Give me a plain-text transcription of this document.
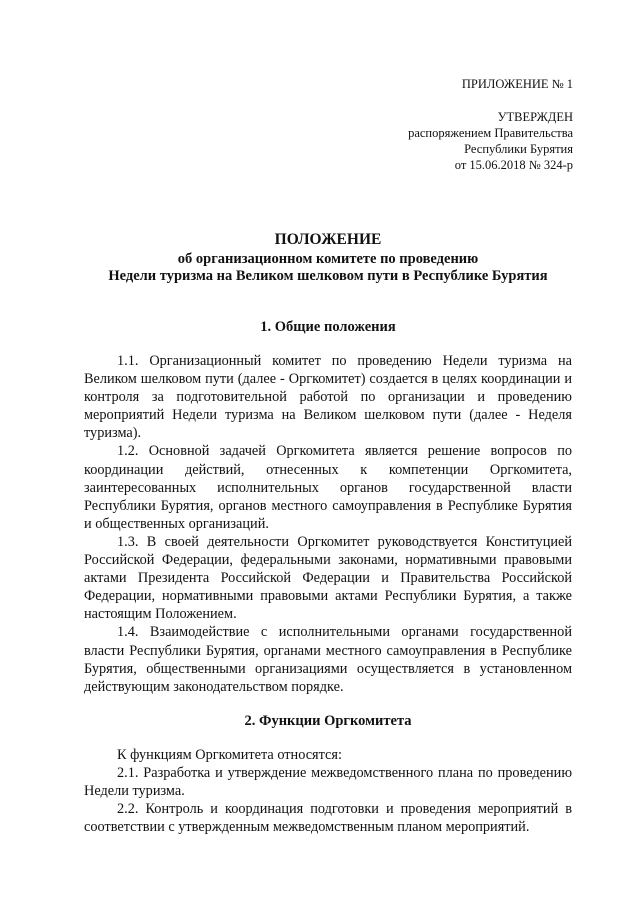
ПРИЛОЖЕНИЕ № 1
УТВЕРЖДЕН
распоряжением Правительства
Республики Бурятия
от 15.06.2018 № 324-р
ПОЛОЖЕНИЕ
об организационном комитете по проведению
Недели туризма на Великом шелковом пути в Республике Бурятия
1. Общие положения

1.1. Организационный комитет по проведению Недели туризма на Великом шелковом пути (далее - Оргкомитет) создается в целях координации и контроля за подготовительной работой по организации и проведению мероприятий Недели туризма на Великом шелковом пути (далее - Неделя туризма).

1.2. Основной задачей Оргкомитета является решение вопросов по координации действий, отнесенных к компетенции Оргкомитета, заинтересованных исполнительных органов государственной власти Республики Бурятия, органов местного самоуправления в Республике Бурятия и общественных организаций.

1.3. В своей деятельности Оргкомитет руководствуется Конституцией Российской Федерации, федеральными законами, нормативными правовыми актами Президента Российской Федерации и Правительства Российской Федерации, нормативными правовыми актами Республики Бурятия, а также настоящим Положением.

1.4. Взаимодействие с исполнительными органами государственной власти Республики Бурятия, органами местного самоуправления в Республике Бурятия, общественными организациями осуществляется в установленном действующим законодательством порядке.

2. Функции Оргкомитета

К функциям Оргкомитета относятся:

2.1. Разработка и утверждение межведомственного плана по проведению Недели туризма.

2.2. Контроль и координация подготовки и проведения мероприятий в соответствии с утвержденным межведомственным планом мероприятий.
